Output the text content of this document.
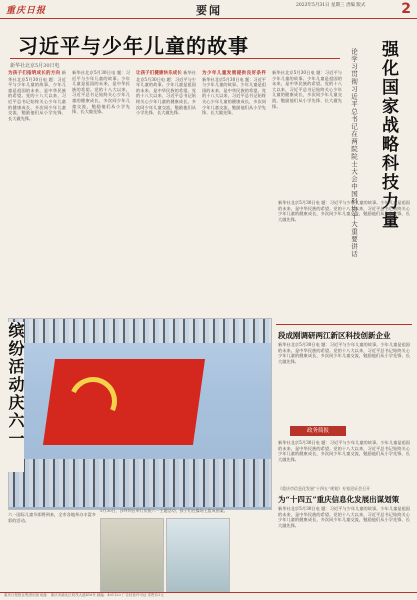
重庆日报	要闻	2023年5月31日 星期三 责编 版式	2
习近平与少年儿童的故事
新华社北京5月30日电
为孩子们指明成长的方向 新华社北京5月30日电 题：习近平与少年儿童的故事。少年儿童是祖国的未来，是中华民族的希望。党的十八大以来，习近平总书记始终关心少年儿童的健康成长，多次同少年儿童交流，勉励他们从小学先锋、长大做先锋。
新华社北京5月30日电 题：习近平与少年儿童的故事。少年儿童是祖国的未来，是中华民族的希望。党的十八大以来，习近平总书记始终关心少年儿童的健康成长，多次同少年儿童交流，勉励他们从小学先锋、长大做先锋。
让孩子们健康快乐成长 新华社北京5月30日电 题：习近平与少年儿童的故事。少年儿童是祖国的未来，是中华民族的希望。党的十八大以来，习近平总书记始终关心少年儿童的健康成长，多次同少年儿童交流，勉励他们从小学先锋、长大做先锋。
为少年儿童发展提供良好条件 新华社北京5月30日电 题：习近平与少年儿童的故事。少年儿童是祖国的未来，是中华民族的希望。党的十八大以来，习近平总书记始终关心少年儿童的健康成长，多次同少年儿童交流，勉励他们从小学先锋、长大做先锋。
新华社北京5月30日电 题：习近平与少年儿童的故事。少年儿童是祖国的未来，是中华民族的希望。党的十八大以来，习近平总书记始终关心少年儿童的健康成长，多次同少年儿童交流，勉励他们从小学先锋、长大做先锋。	强化国家战略科技力量
论学习贯彻习近平总书记在两院院士大会中国科协十大重要讲话
新华社北京5月30日电 题：习近平与少年儿童的故事。少年儿童是祖国的未来，是中华民族的希望。党的十八大以来，习近平总书记始终关心少年儿童的健康成长，多次同少年儿童交流，勉励他们从小学先锋、长大做先锋。
缤纷活动庆六一
5月30日，沙坪坝区举行庆祝六一主题活动，孩子们在操场上组成图案。
六一国际儿童节即将到来，全市各地举办丰富多彩的活动。
段成刚调研两江新区科技创新企业
新华社北京5月30日电 题：习近平与少年儿童的故事。少年儿童是祖国的未来，是中华民族的希望。党的十八大以来，习近平总书记始终关心少年儿童的健康成长，多次同少年儿童交流，勉励他们从小学先锋、长大做先锋。
政务简报
新华社北京5月30日电 题：习近平与少年儿童的故事。少年儿童是祖国的未来，是中华民族的希望。党的十八大以来，习近平总书记始终关心少年儿童的健康成长，多次同少年儿童交流，勉励他们从小学先锋、长大做先锋。
《重庆市信息化发展“十四五”规划》专家论证会召开
为“十四五”重庆信息化发展出谋划策
新华社北京5月30日电 题：习近平与少年儿童的故事。少年儿童是祖国的未来，是中华民族的希望。党的十八大以来，习近平总书记始终关心少年儿童的健康成长，多次同少年儿童交流，勉励他们从小学先锋、长大做先锋。
重庆日报报业集团出版 地址：重庆市渝北区同茂大道416号 邮编：401120 广告经营许可证 零售价1元
